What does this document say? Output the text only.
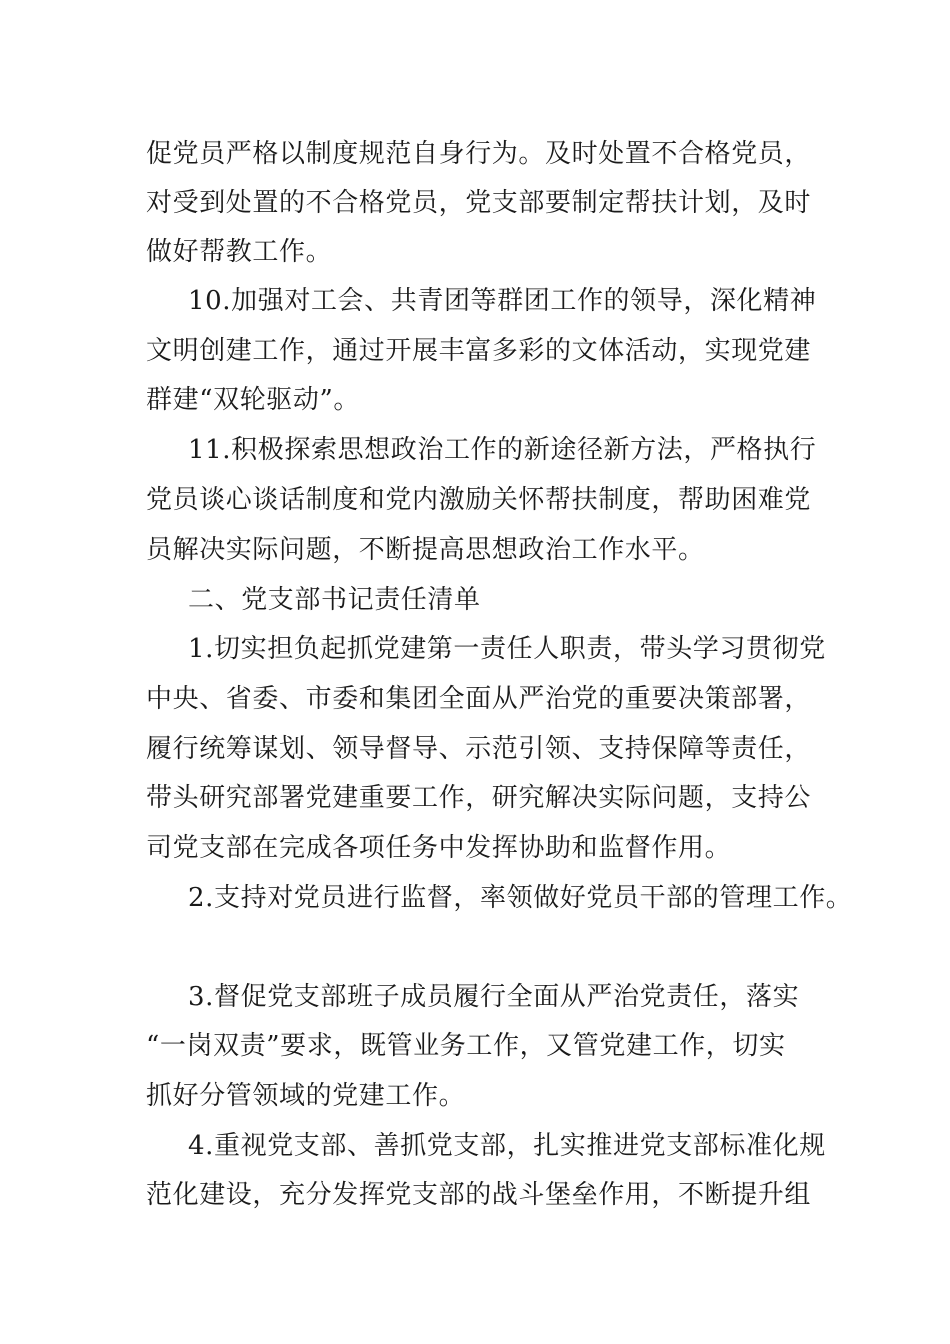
促党员严格以制度规范自身行为。及时处置不合格党员，
对受到处置的不合格党员，党支部要制定帮扶计划，及时
做好帮教工作。
10.加强对工会、共青团等群团工作的领导，深化精神
文明创建工作，通过开展丰富多彩的文体活动，实现党建
群建“双轮驱动”。
11.积极探索思想政治工作的新途径新方法，严格执行
党员谈心谈话制度和党内激励关怀帮扶制度，帮助困难党
员解决实际问题，不断提高思想政治工作水平。
二、党支部书记责任清单
1.切实担负起抓党建第一责任人职责，带头学习贯彻党
中央、省委、市委和集团全面从严治党的重要决策部署，
履行统筹谋划、领导督导、示范引领、支持保障等责任，
带头研究部署党建重要工作，研究解决实际问题，支持公
司党支部在完成各项任务中发挥协助和监督作用。
2.支持对党员进行监督，率领做好党员干部的管理工作。
3.督促党支部班子成员履行全面从严治党责任，落实
“一岗双责”要求，既管业务工作，又管党建工作，切实
抓好分管领域的党建工作。
4.重视党支部、善抓党支部，扎实推进党支部标准化规
范化建设，充分发挥党支部的战斗堡垒作用，不断提升组
